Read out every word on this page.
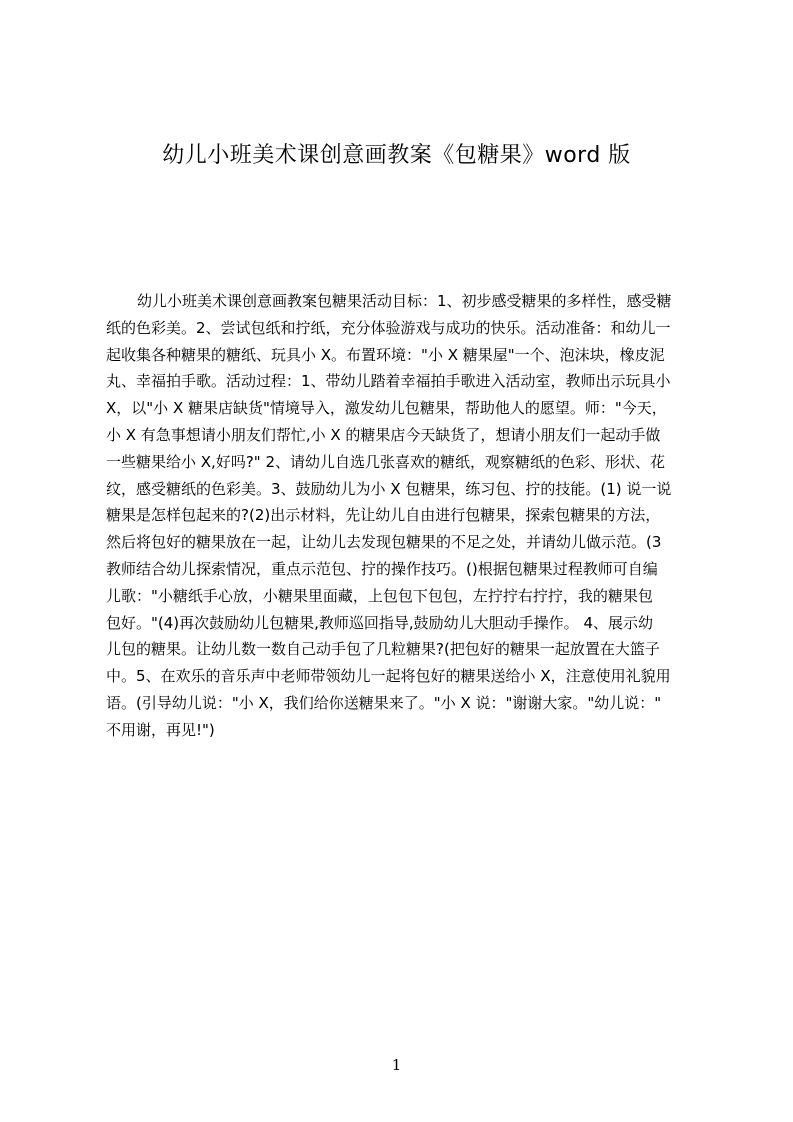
幼儿小班美术课创意画教案《包糖果》word 版
幼儿小班美术课创意画教案包糖果活动目标：1、初步感受糖果的多样性，感受糖
纸的色彩美。2、尝试包纸和拧纸，充分体验游戏与成功的快乐。活动准备：和幼儿一
起收集各种糖果的糖纸、玩具小 X。布置环境："小 X 糖果屋"一个、泡沫块，橡皮泥
丸、幸福拍手歌。活动过程：1、带幼儿踏着幸福拍手歌进入活动室，教师出示玩具小
X，以"小 X 糖果店缺货"情境导入，激发幼儿包糖果，帮助他人的愿望。师："今天，
小 X 有急事想请小朋友们帮忙,小 X 的糖果店今天缺货了，想请小朋友们一起动手做
一些糖果给小 X,好吗?" 2、请幼儿自选几张喜欢的糖纸，观察糖纸的色彩、形状、花
纹，感受糖纸的色彩美。3、鼓励幼儿为小 X 包糖果，练习包、拧的技能。(1) 说一说
糖果是怎样包起来的?(2)出示材料，先让幼儿自由进行包糖果，探索包糖果的方法，
然后将包好的糖果放在一起，让幼儿去发现包糖果的不足之处，并请幼儿做示范。(3
教师结合幼儿探索情况，重点示范包、拧的操作技巧。()根据包糖果过程教师可自编
儿歌："小糖纸手心放，小糖果里面藏，上包包下包包，左拧拧右拧拧，我的糖果包
包好。"(4)再次鼓励幼儿包糖果,教师巡回指导,鼓励幼儿大胆动手操作。 4、展示幼
儿包的糖果。让幼儿数一数自己动手包了几粒糖果?(把包好的糖果一起放置在大篮子
中。5、在欢乐的音乐声中老师带领幼儿一起将包好的糖果送给小 X，注意使用礼貌用
语。(引导幼儿说："小 X，我们给你送糖果来了。"小 X 说："谢谢大家。"幼儿说："
不用谢，再见!")
1
